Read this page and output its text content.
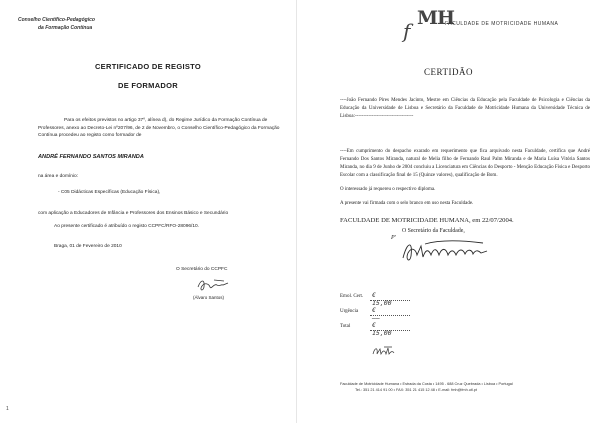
Conselho Científico-Pedagógico
da Formação Contínua
CERTIFICADO DE REGISTO
DE FORMADOR
Para os efeitos previstos no artigo 37º, alínea d), do Regime Jurídico da Formação Contínua de Professores, anexo ao Decreto-Lei nº207/96, de 2 de Novembro, o Conselho Científico-Pedagógico da Formação Contínua procedeu ao registo como formador de
ANDRÉ FERNANDO SANTOS MIRANDA
na área e domínio:
- C05 Didácticas Específicas (Educação Física),
com aplicação a Educadores de Infância e Professores dos Ensinos Básico e Secundário
Ao presente certificado é atribuído o registo CCPFC/RFO-28096/10.
Braga, 01 de Fevereiro de 2010
O Secretário do CCPFC
(Álvaro Santos)
1
f
MH
FACULDADE DE MOTRICIDADE HUMANA
CERTIDÃO
----João Fernando Pires Mendes Jacinto, Mestre em Ciências da Educação pela Faculdade de Psicologia e Ciências da Educação da Universidade de Lisboa e Secretário da Faculdade de Motricidade Humana da Universidade Técnica de Lisboa:-----------------------------------
----Em cumprimento do despacho exarado em requerimento que fica arquivado nesta Faculdade, certifica que André Fernando Dos Santos Miranda, natural de Melia filho de Fernando Raul Palm Miranda e de Maria Luísa Vitória Santos Miranda, no dia 9 de Junho de 2004 concluiu a Licenciatura em Ciências do Desporto - Menção Educação Física e Desporto Escolar com a classificação final de 15 (Quinze valores), qualificação de Bom.
O interessado já requereu o respectivo diploma.
A presente vai firmada com o selo branco em uso nesta Faculdade.
FACULDADE DE MOTRICIDADE HUMANA, em 22/07/2004.
P'
O Secretário da Faculdade,
Emol. Cert.	€ 15,00
Urgência	€ ——
Total	€ 15,00
Faculdade de Motricidade Humana • Estrada da Costa • 1495 - 688 Cruz Quebrada • Lisboa • Portugal
Tel.: 351 21 414 91 00 • FAX: 351 21 415 12 48 • E-mail: fmh@fmh.utl.pt
